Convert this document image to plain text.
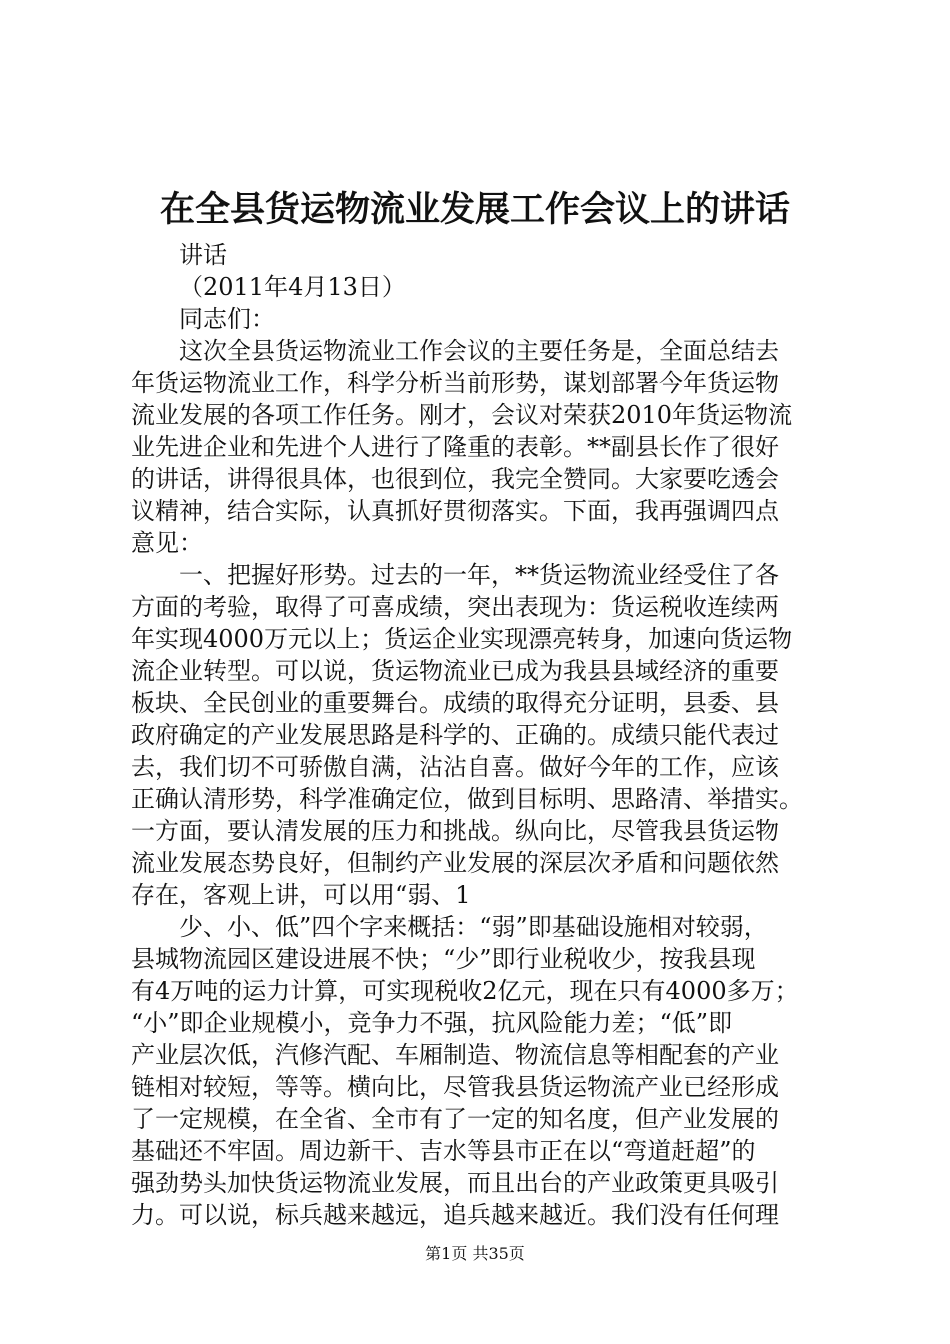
在全县货运物流业发展工作会议上的讲话
讲话
（2011年4月13日）
同志们：
这次全县货运物流业工作会议的主要任务是，全面总结去
年货运物流业工作，科学分析当前形势，谋划部署今年货运物
流业发展的各项工作任务。刚才，会议对荣获2010年货运物流
业先进企业和先进个人进行了隆重的表彰。**副县长作了很好
的讲话，讲得很具体，也很到位，我完全赞同。大家要吃透会
议精神，结合实际，认真抓好贯彻落实。下面，我再强调四点
意见：
一、把握好形势。过去的一年，**货运物流业经受住了各
方面的考验，取得了可喜成绩，突出表现为：货运税收连续两
年实现4000万元以上；货运企业实现漂亮转身，加速向货运物
流企业转型。可以说，货运物流业已成为我县县域经济的重要
板块、全民创业的重要舞台。成绩的取得充分证明，县委、县
政府确定的产业发展思路是科学的、正确的。成绩只能代表过
去，我们切不可骄傲自满，沾沾自喜。做好今年的工作，应该
正确认清形势，科学准确定位，做到目标明、思路清、举措实。
一方面，要认清发展的压力和挑战。纵向比，尽管我县货运物
流业发展态势良好，但制约产业发展的深层次矛盾和问题依然
存在，客观上讲，可以用“弱、1
少、小、低”四个字来概括：“弱”即基础设施相对较弱，
县城物流园区建设进展不快；“少”即行业税收少，按我县现
有4万吨的运力计算，可实现税收2亿元，现在只有4000多万；
“小”即企业规模小，竞争力不强，抗风险能力差；“低”即
产业层次低，汽修汽配、车厢制造、物流信息等相配套的产业
链相对较短，等等。横向比，尽管我县货运物流产业已经形成
了一定规模，在全省、全市有了一定的知名度，但产业发展的
基础还不牢固。周边新干、吉水等县市正在以“弯道赶超”的
强劲势头加快货运物流业发展，而且出台的产业政策更具吸引
力。可以说，标兵越来越远，追兵越来越近。我们没有任何理
第1页 共35页
